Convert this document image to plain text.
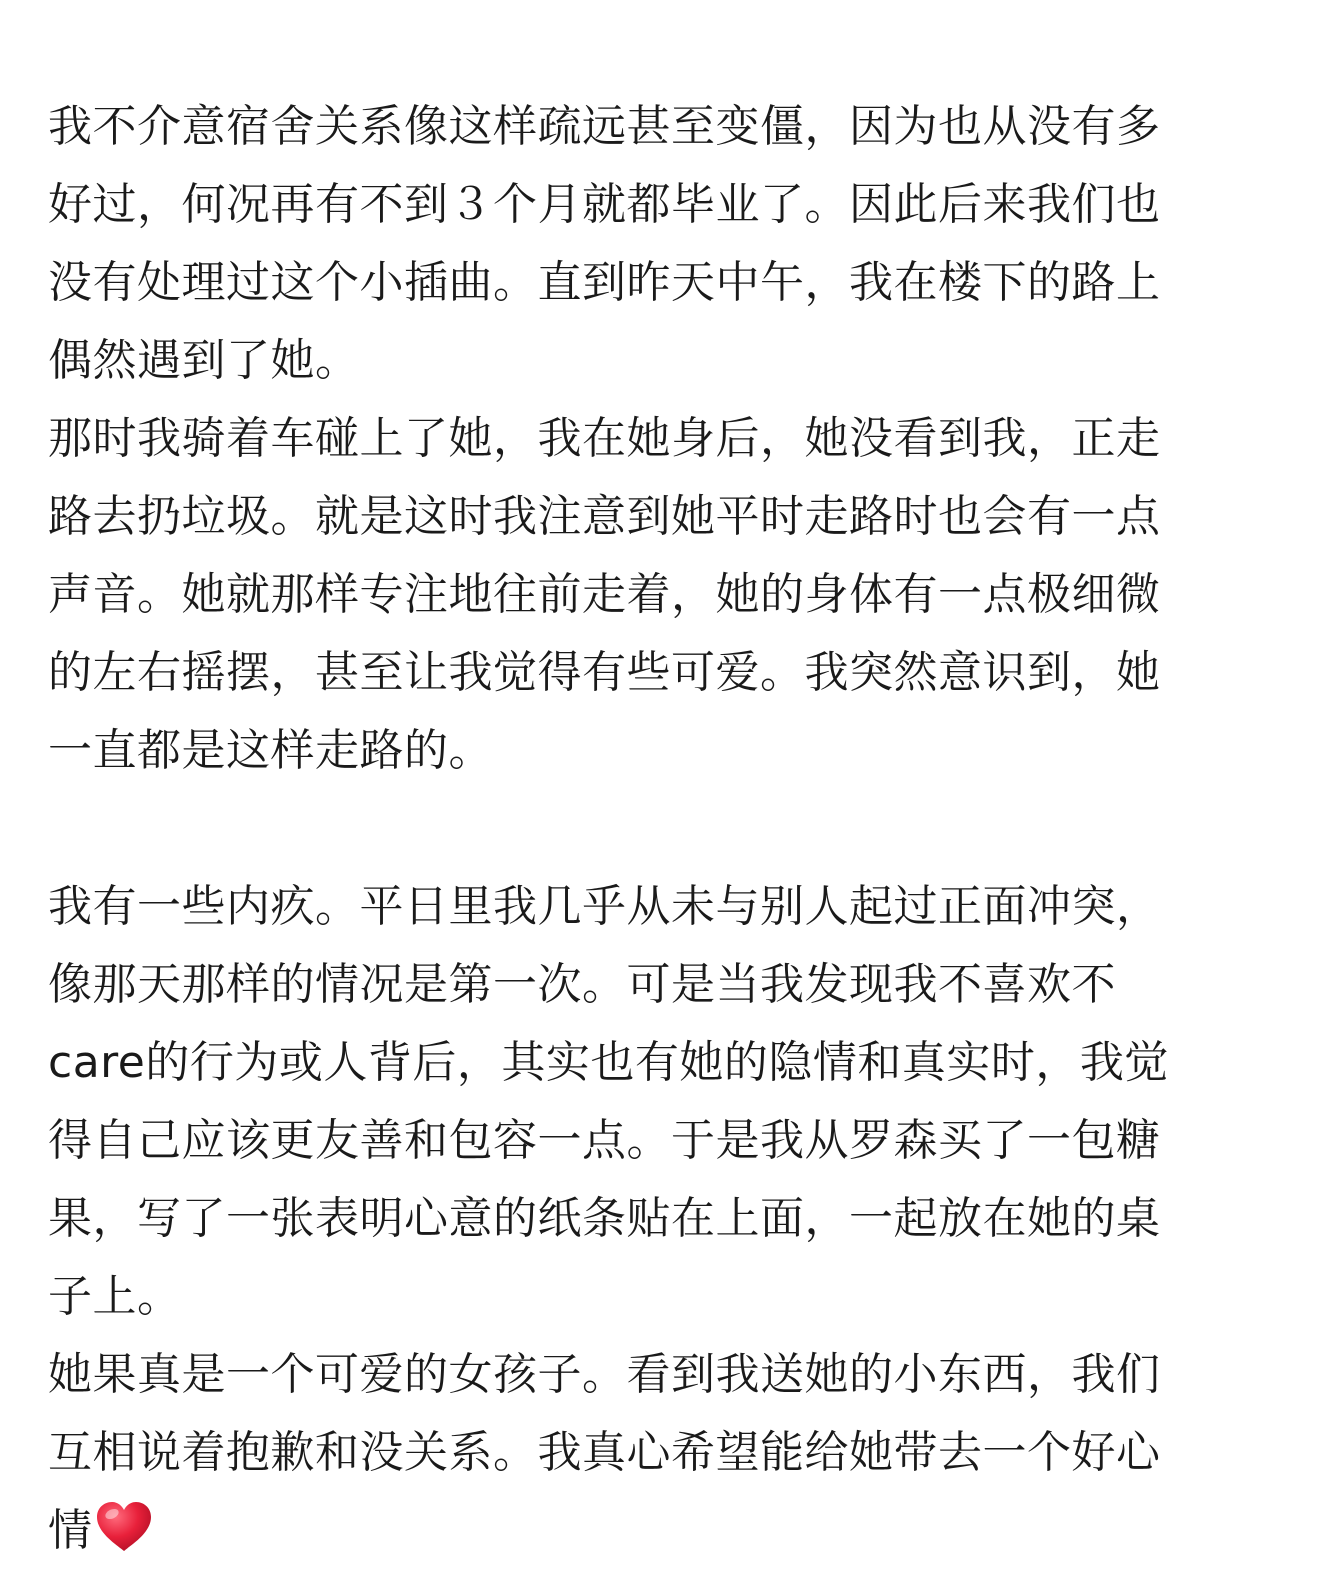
我不介意宿舍关系像这样疏远甚至变僵，因为也从没有多
好过，何况再有不到３个月就都毕业了。因此后来我们也
没有处理过这个小插曲。直到昨天中午，我在楼下的路上
偶然遇到了她。
那时我骑着车碰上了她，我在她身后，她没看到我，正走
路去扔垃圾。就是这时我注意到她平时走路时也会有一点
声音。她就那样专注地往前走着，她的身体有一点极细微
的左右摇摆，甚至让我觉得有些可爱。我突然意识到，她
一直都是这样走路的。
我有一些内疚。平日里我几乎从未与别人起过正面冲突，
像那天那样的情况是第一次。可是当我发现我不喜欢不
care的行为或人背后，其实也有她的隐情和真实时，我觉
得自己应该更友善和包容一点。于是我从罗森买了一包糖
果，写了一张表明心意的纸条贴在上面，一起放在她的桌
子上。
她果真是一个可爱的女孩子。看到我送她的小东西，我们
互相说着抱歉和没关系。我真心希望能给她带去一个好心
情
